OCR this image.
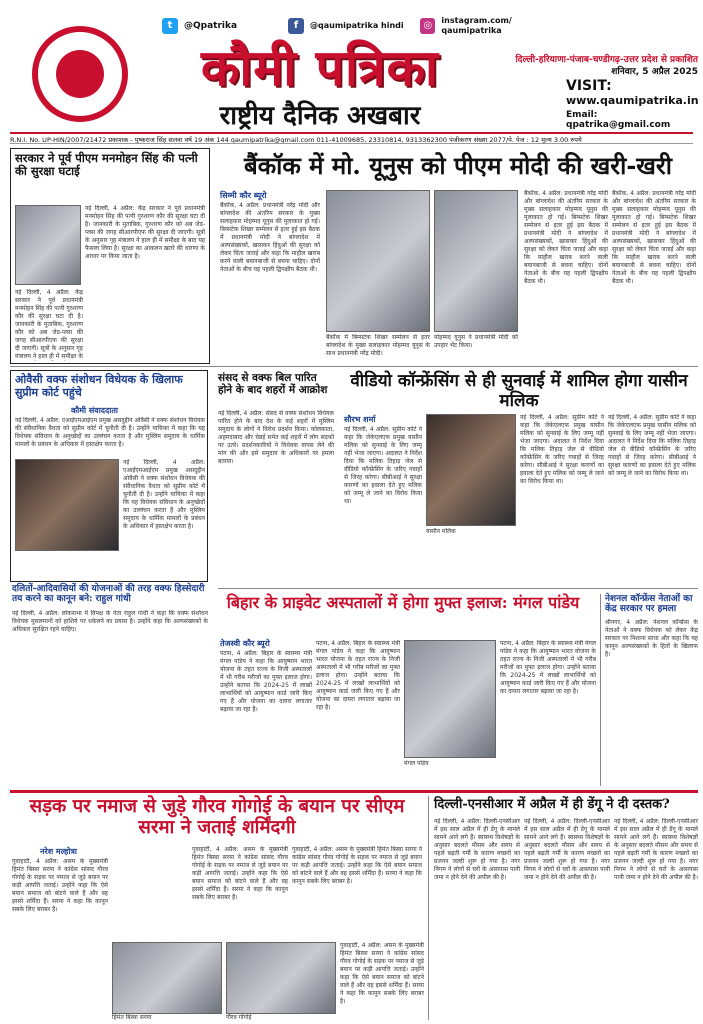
t	@Qpatrika	f	@qaumipatrika hindi	◎	instagram.com/ qaumipatrika
कौमी पत्रिका
राष्ट्रीय दैनिक अखबार
दिल्ली-हरियाणा-पंजाब-चण्डीगढ़-उत्तर प्रदेश से प्रकाशित
शनिवार, 5 अप्रैल 2025
VISIT:
www.qaumipatrika.in
Email: qpatrika@gmail.com
R.N.I. No. UP-HIN/2007/21472 प्रकाशक - पुष्कराज सिंह सलवा वर्ष 19 अंक 144 qaumipatrika@gmail.com 011-41009685, 23310814, 9313362300 पंजीकरण संख्या 2077/पे. पेज : 12 मूल्य 3.00 रुपये
सरकार ने पूर्व पीएम मनमोहन सिंह की पत्नी की सुरक्षा घटाई
नई दिल्ली, 4 अप्रैल: केंद्र सरकार ने पूर्व प्रधानमंत्री मनमोहन सिंह की पत्नी गुरशरण कौर की सुरक्षा घटा दी है। जानकारी के मुताबिक, गुरशरण कौर को अब जेड-प्लस की जगह सीआरपीएफ की सुरक्षा दी जाएगी। सूत्रों के अनुसार गृह मंत्रालय ने हाल ही में समीक्षा के बाद यह फैसला लिया है। सुरक्षा का आकलन खतरे की धारणा के आधार पर किया जाता है।
नई दिल्ली, 4 अप्रैल: केंद्र सरकार ने पूर्व प्रधानमंत्री मनमोहन सिंह की पत्नी गुरशरण कौर की सुरक्षा घटा दी है। जानकारी के मुताबिक, गुरशरण कौर को अब जेड-प्लस की जगह सीआरपीएफ की सुरक्षा दी जाएगी। सूत्रों के अनुसार गृह मंत्रालय ने हाल ही में समीक्षा के
बैंकॉक में मो. यूनुस को पीएम मोदी की खरी-खरी
सिम्मी कौर ब्यूरो
बैंकॉक, 4 अप्रैल: प्रधानमंत्री नरेंद्र मोदी और बांग्लादेश की अंतरिम सरकार के मुख्य सलाहकार मोहम्मद यूनुस की मुलाकात हो गई। बिम्सटेक शिखर सम्मेलन से इतर हुई इस बैठक में प्रधानमंत्री मोदी ने बांग्लादेश में अल्पसंख्यकों, खासकर हिंदुओं की सुरक्षा को लेकर चिंता जताई और कहा कि माहौल खराब करने वाली बयानबाजी से बचना चाहिए। दोनों नेताओं के बीच यह पहली द्विपक्षीय बैठक थी।
बैंकॉक में बिम्सटेक शिखर सम्मेलन से इतर बांग्लादेश के मुख्य सलाहकार मोहम्मद यूनुस के साथ प्रधानमंत्री नरेंद्र मोदी।
मोहम्मद यूनुस ने प्रधानमंत्री मोदी को उपहार भेंट किया।
बैंकॉक, 4 अप्रैल: प्रधानमंत्री नरेंद्र मोदी और बांग्लादेश की अंतरिम सरकार के मुख्य सलाहकार मोहम्मद यूनुस की मुलाकात हो गई। बिम्सटेक शिखर सम्मेलन से इतर हुई इस बैठक में प्रधानमंत्री मोदी ने बांग्लादेश में अल्पसंख्यकों, खासकर हिंदुओं की सुरक्षा को लेकर चिंता जताई और कहा कि माहौल खराब करने वाली बयानबाजी से बचना चाहिए। दोनों नेताओं के बीच यह पहली द्विपक्षीय बैठक थी।
बैंकॉक, 4 अप्रैल: प्रधानमंत्री नरेंद्र मोदी और बांग्लादेश की अंतरिम सरकार के मुख्य सलाहकार मोहम्मद यूनुस की मुलाकात हो गई। बिम्सटेक शिखर सम्मेलन से इतर हुई इस बैठक में प्रधानमंत्री मोदी ने बांग्लादेश में अल्पसंख्यकों, खासकर हिंदुओं की सुरक्षा को लेकर चिंता जताई और कहा कि माहौल खराब करने वाली बयानबाजी से बचना चाहिए। दोनों नेताओं के बीच यह पहली द्विपक्षीय बैठक थी।
ओवैसी वक्फ संशोधन विधेयक के खिलाफ सुप्रीम कोर्ट पहुंचे
कौमी संवाददाता
नई दिल्ली, 4 अप्रैल: एआईएमआईएम प्रमुख असदुद्दीन ओवैसी ने वक्फ संशोधन विधेयक की संवैधानिक वैधता को सुप्रीम कोर्ट में चुनौती दी है। उन्होंने याचिका में कहा कि यह विधेयक संविधान के अनुच्छेदों का उल्लंघन करता है और मुस्लिम समुदाय के धार्मिक मामलों के प्रबंधन के अधिकार में हस्तक्षेप करता है।
नई दिल्ली, 4 अप्रैल: एआईएमआईएम प्रमुख असदुद्दीन ओवैसी ने वक्फ संशोधन विधेयक की संवैधानिक वैधता को सुप्रीम कोर्ट में चुनौती दी है। उन्होंने याचिका में कहा कि यह विधेयक संविधान के अनुच्छेदों का उल्लंघन करता है और मुस्लिम समुदाय के धार्मिक मामलों के प्रबंधन के अधिकार में हस्तक्षेप करता है।
दलितों-आदिवासियों की योजनाओं की तरह वक्फ हिस्सेदारी तय करने का कानून बने: राहुल गांधी
नई दिल्ली, 4 अप्रैल: लोकसभा में विपक्ष के नेता राहुल गांधी ने कहा कि वक्फ संशोधन विधेयक मुसलमानों को हाशिये पर धकेलने का प्रयास है। उन्होंने कहा कि अल्पसंख्यकों के अधिकार सुरक्षित रहने चाहिए।
संसद से वक्फ बिल पारित होने के बाद शहरों में आक्रोश
नई दिल्ली, 4 अप्रैल: संसद से वक्फ संशोधन विधेयक पारित होने के बाद देश के कई शहरों में मुस्लिम समुदाय के लोगों ने विरोध प्रदर्शन किया। कोलकाता, अहमदाबाद और चेन्नई समेत कई शहरों में लोग सड़कों पर उतरे। प्रदर्शनकारियों ने विधेयक वापस लेने की मांग की और इसे समुदाय के अधिकारों पर हमला बताया।
वीडियो कॉन्फ्रेंसिंग से ही सुनवाई में शामिल होगा यासीन मलिक
सौरभ शर्मा
नई दिल्ली, 4 अप्रैल: सुप्रीम कोर्ट ने कहा कि जेकेएलएफ प्रमुख यासीन मलिक को सुनवाई के लिए जम्मू नहीं भेजा जाएगा। अदालत ने निर्देश दिया कि मलिक तिहाड़ जेल से वीडियो कॉन्फ्रेंसिंग के जरिए गवाहों से जिरह करेगा। सीबीआई ने सुरक्षा कारणों का हवाला देते हुए मलिक को जम्मू ले जाने का विरोध किया था।
यासीन मलिक
नई दिल्ली, 4 अप्रैल: सुप्रीम कोर्ट ने कहा कि जेकेएलएफ प्रमुख यासीन मलिक को सुनवाई के लिए जम्मू नहीं भेजा जाएगा। अदालत ने निर्देश दिया कि मलिक तिहाड़ जेल से वीडियो कॉन्फ्रेंसिंग के जरिए गवाहों से जिरह करेगा। सीबीआई ने सुरक्षा कारणों का हवाला देते हुए मलिक को जम्मू ले जाने का विरोध किया था।
नई दिल्ली, 4 अप्रैल: सुप्रीम कोर्ट ने कहा कि जेकेएलएफ प्रमुख यासीन मलिक को सुनवाई के लिए जम्मू नहीं भेजा जाएगा। अदालत ने निर्देश दिया कि मलिक तिहाड़ जेल से वीडियो कॉन्फ्रेंसिंग के जरिए गवाहों से जिरह करेगा। सीबीआई ने सुरक्षा कारणों का हवाला देते हुए मलिक को जम्मू ले जाने का विरोध किया था।
बिहार के प्राइवेट अस्पतालों में होगा मुफ्त इलाज: मंगल पांडेय
तेजस्वी कौर ब्यूरो
पटना, 4 अप्रैल: बिहार के स्वास्थ्य मंत्री मंगल पांडेय ने कहा कि आयुष्मान भारत योजना के तहत राज्य के निजी अस्पतालों में भी गरीब मरीजों का मुफ्त इलाज होगा। उन्होंने बताया कि 2024-25 में लाखों लाभार्थियों को आयुष्मान कार्ड जारी किए गए हैं और योजना का दायरा लगातार बढ़ाया जा रहा है।
पटना, 4 अप्रैल: बिहार के स्वास्थ्य मंत्री मंगल पांडेय ने कहा कि आयुष्मान भारत योजना के तहत राज्य के निजी अस्पतालों में भी गरीब मरीजों का मुफ्त इलाज होगा। उन्होंने बताया कि 2024-25 में लाखों लाभार्थियों को आयुष्मान कार्ड जारी किए गए हैं और योजना का दायरा लगातार बढ़ाया जा रहा है।
मंगल पांडेय
पटना, 4 अप्रैल: बिहार के स्वास्थ्य मंत्री मंगल पांडेय ने कहा कि आयुष्मान भारत योजना के तहत राज्य के निजी अस्पतालों में भी गरीब मरीजों का मुफ्त इलाज होगा। उन्होंने बताया कि 2024-25 में लाखों लाभार्थियों को आयुष्मान कार्ड जारी किए गए हैं और योजना का दायरा लगातार बढ़ाया जा रहा है।
नेशनल कॉन्फ्रेंस नेताओं का केंद्र सरकार पर हमला
श्रीनगर, 4 अप्रैल: नेशनल कॉन्फ्रेंस के नेताओं ने वक्फ विधेयक को लेकर केंद्र सरकार पर निशाना साधा और कहा कि यह कानून अल्पसंख्यकों के हितों के खिलाफ है।
सड़क पर नमाज से जुड़े गौरव गोगोई के बयान पर सीएम सरमा ने जताई शर्मिंदगी
नरेश मल्होत्रा
गुवाहाटी, 4 अप्रैल: असम के मुख्यमंत्री हिमंत बिस्वा सरमा ने कांग्रेस सांसद गौरव गोगोई के सड़क पर नमाज से जुड़े बयान पर कड़ी आपत्ति जताई। उन्होंने कहा कि ऐसे बयान समाज को बांटने वाले हैं और वह इससे शर्मिंदा हैं। सरमा ने कहा कि कानून सबके लिए बराबर है।
गुवाहाटी, 4 अप्रैल: असम के मुख्यमंत्री हिमंत बिस्वा सरमा ने कांग्रेस सांसद गौरव गोगोई के सड़क पर नमाज से जुड़े बयान पर कड़ी आपत्ति जताई। उन्होंने कहा कि ऐसे बयान समाज को बांटने वाले हैं और वह इससे शर्मिंदा हैं। सरमा ने कहा कि कानून सबके लिए बराबर है।
गुवाहाटी, 4 अप्रैल: असम के मुख्यमंत्री हिमंत बिस्वा सरमा ने कांग्रेस सांसद गौरव गोगोई के सड़क पर नमाज से जुड़े बयान पर कड़ी आपत्ति जताई। उन्होंने कहा कि ऐसे बयान समाज को बांटने वाले हैं और वह इससे शर्मिंदा हैं। सरमा ने कहा कि कानून सबके लिए बराबर है।
हिमंत बिस्वा सरमा	गौरव गोगोई
गुवाहाटी, 4 अप्रैल: असम के मुख्यमंत्री हिमंत बिस्वा सरमा ने कांग्रेस सांसद गौरव गोगोई के सड़क पर नमाज से जुड़े बयान पर कड़ी आपत्ति जताई। उन्होंने कहा कि ऐसे बयान समाज को बांटने वाले हैं और वह इससे शर्मिंदा हैं। सरमा ने कहा कि कानून सबके लिए बराबर है।
दिल्ली-एनसीआर में अप्रैल में ही डेंगू ने दी दस्तक?
नई दिल्ली, 4 अप्रैल: दिल्ली-एनसीआर में इस साल अप्रैल में ही डेंगू के मामले सामने आने लगे हैं। स्वास्थ्य विशेषज्ञों के अनुसार बदलते मौसम और समय से पहले बढ़ती गर्मी के कारण मच्छरों का प्रजनन जल्दी शुरू हो गया है। नगर निगम ने लोगों से घरों के आसपास पानी जमा न होने देने की अपील की है।
नई दिल्ली, 4 अप्रैल: दिल्ली-एनसीआर में इस साल अप्रैल में ही डेंगू के मामले सामने आने लगे हैं। स्वास्थ्य विशेषज्ञों के अनुसार बदलते मौसम और समय से पहले बढ़ती गर्मी के कारण मच्छरों का प्रजनन जल्दी शुरू हो गया है। नगर निगम ने लोगों से घरों के आसपास पानी जमा न होने देने की अपील की है।
नई दिल्ली, 4 अप्रैल: दिल्ली-एनसीआर में इस साल अप्रैल में ही डेंगू के मामले सामने आने लगे हैं। स्वास्थ्य विशेषज्ञों के अनुसार बदलते मौसम और समय से पहले बढ़ती गर्मी के कारण मच्छरों का प्रजनन जल्दी शुरू हो गया है। नगर निगम ने लोगों से घरों के आसपास पानी जमा न होने देने की अपील की है।
